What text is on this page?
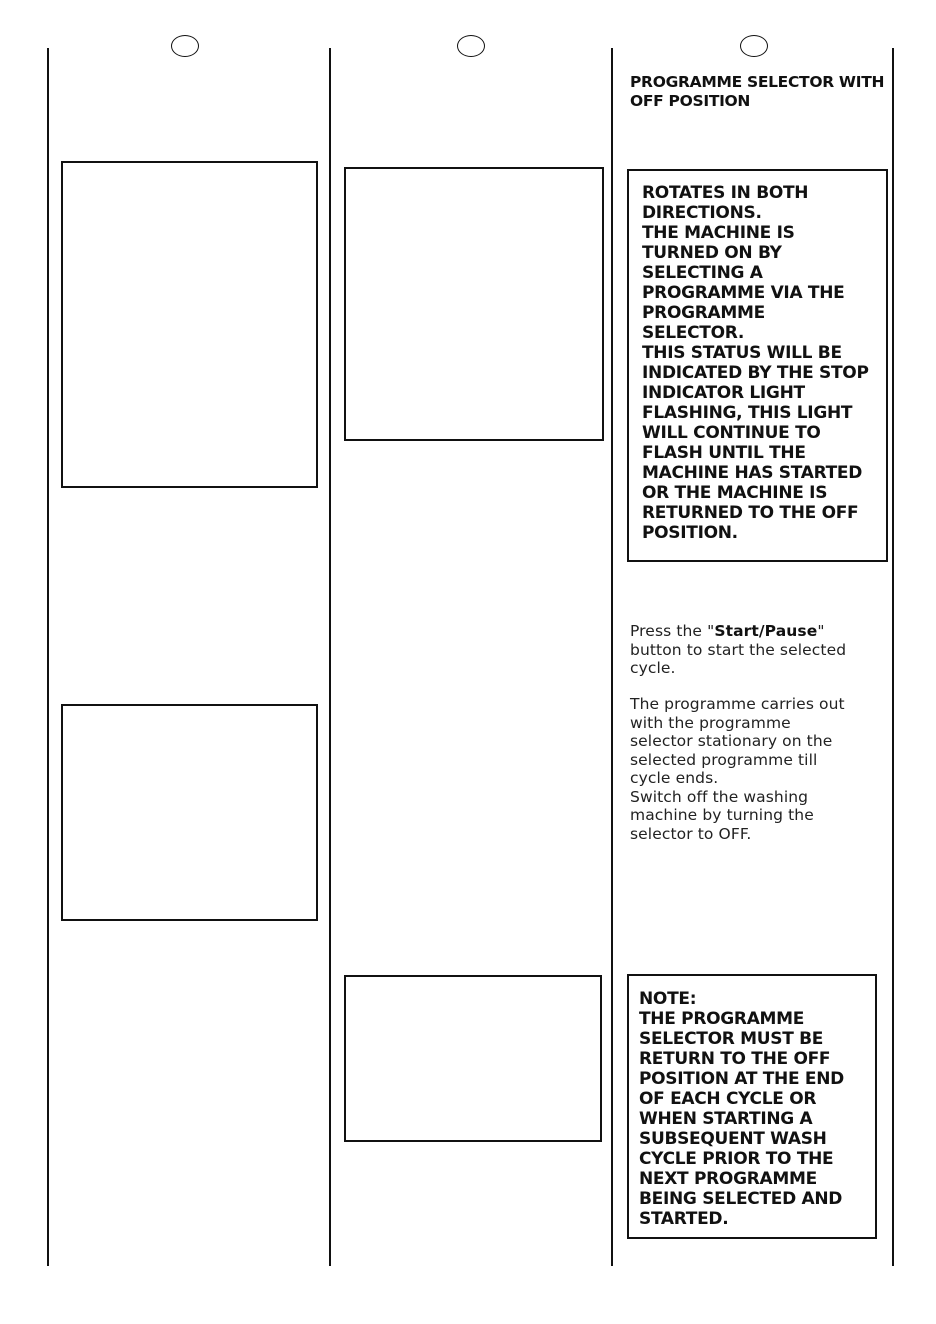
PROGRAMME SELECTOR WITH
OFF POSITION

ROTATES IN BOTH
DIRECTIONS.
THE MACHINE IS
TURNED ON BY
SELECTING A
PROGRAMME VIA THE
PROGRAMME
SELECTOR.
THIS STATUS WILL BE
INDICATED BY THE STOP
INDICATOR LIGHT
FLASHING, THIS LIGHT
WILL CONTINUE TO
FLASH UNTIL THE
MACHINE HAS STARTED
OR THE MACHINE IS
RETURNED TO THE OFF
POSITION.

Press the "Start/Pause"
button to start the selected
cycle.

The programme carries out
with the programme
selector stationary on the
selected programme till
cycle ends.
Switch off the washing
machine by turning the
selector to OFF.

NOTE:
THE PROGRAMME
SELECTOR MUST BE
RETURN TO THE OFF
POSITION AT THE END
OF EACH CYCLE OR
WHEN STARTING A
SUBSEQUENT WASH
CYCLE PRIOR TO THE
NEXT PROGRAMME
BEING SELECTED AND
STARTED.
